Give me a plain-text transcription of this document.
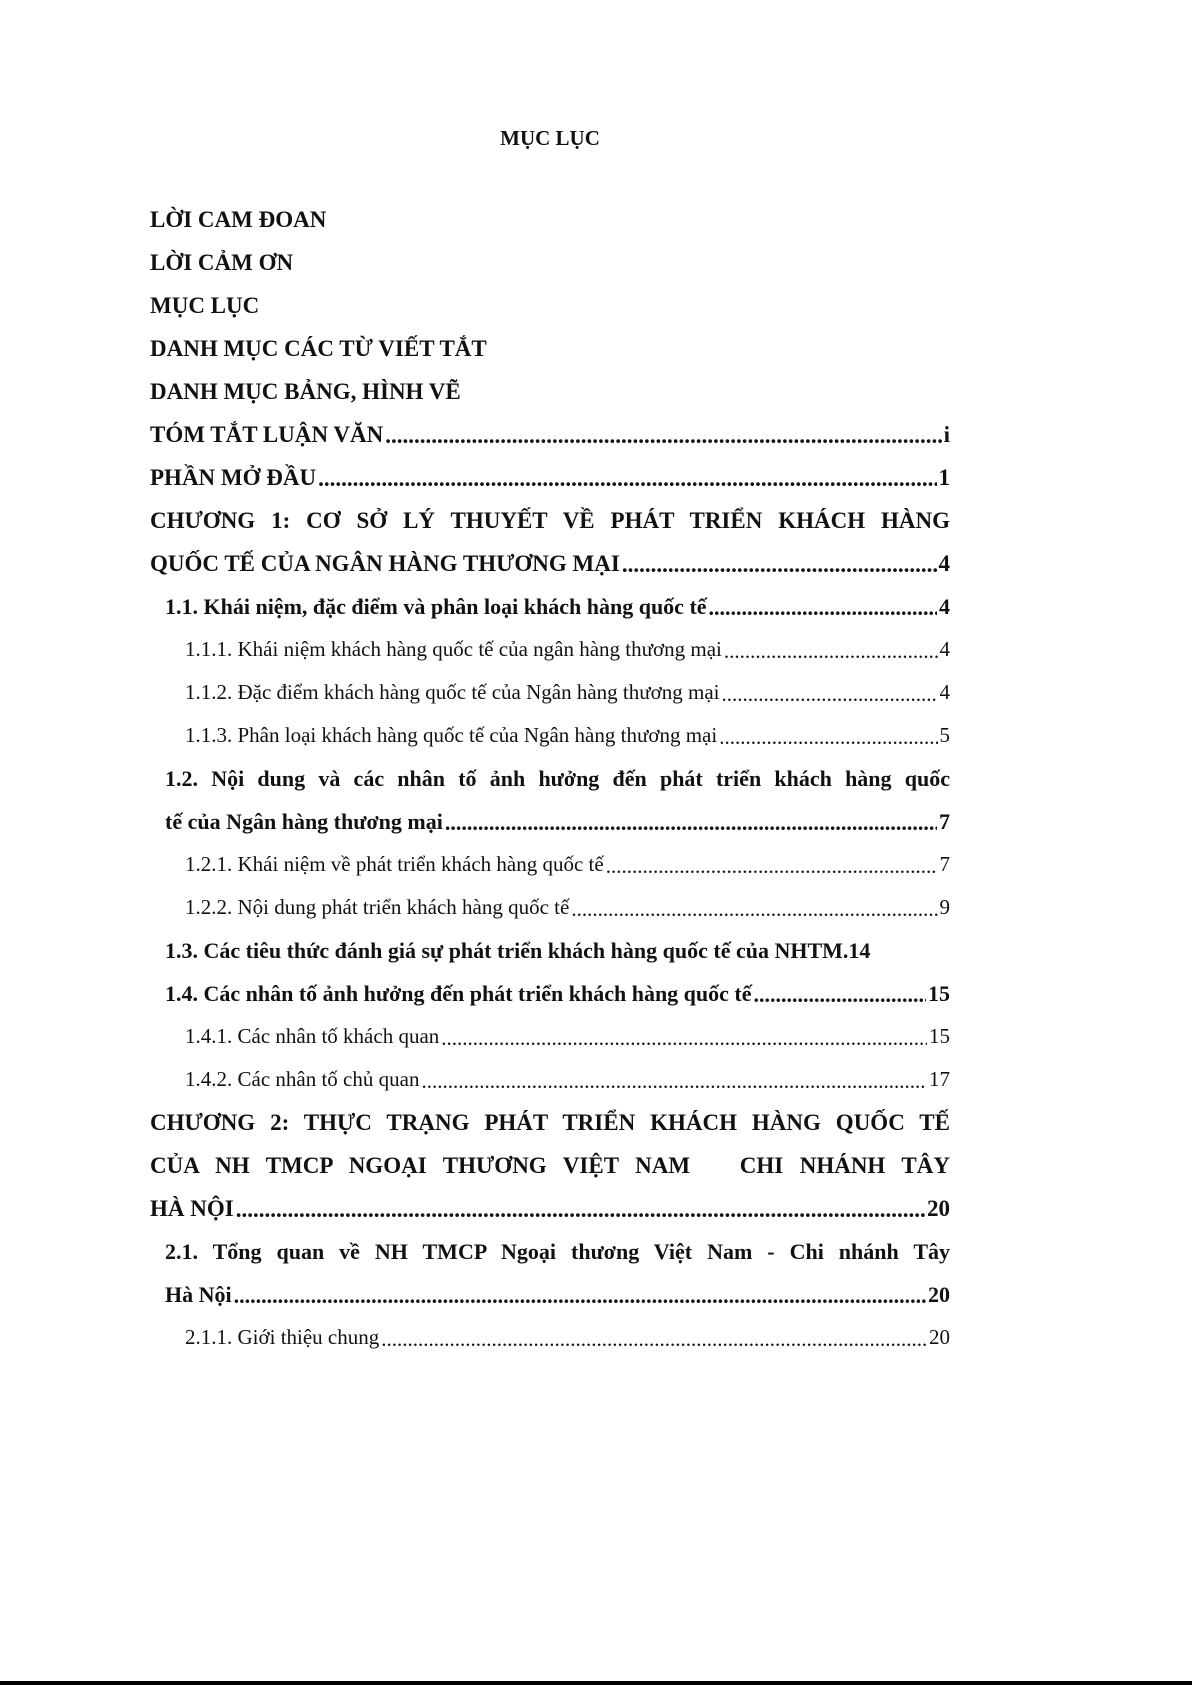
MỤC LỤC
LỜI CAM ĐOAN
LỜI CẢM ƠN
MỤC LỤC
DANH MỤC CÁC TỪ VIẾT TẮT
DANH MỤC BẢNG, HÌNH VẼ
TÓM TẮT LUẬN VĂN .....	i
PHẦN MỞ ĐẦU .....	1
CHƯƠNG 1: CƠ SỞ LÝ THUYẾT VỀ PHÁT TRIỂN KHÁCH HÀNG
QUỐC TẾ CỦA NGÂN HÀNG THƯƠNG MẠI .....	4
1.1. Khái niệm, đặc điểm và phân loại khách hàng quốc tế .....	4
1.1.1. Khái niệm khách hàng quốc tế của ngân hàng thương mại .....	4
1.1.2. Đặc điểm khách hàng quốc tế của Ngân hàng thương mại .....	4
1.1.3. Phân loại khách hàng quốc tế của Ngân hàng thương mại .....	5
1.2. Nội dung và các nhân tố ảnh hưởng đến phát triển khách hàng quốc
tế của Ngân hàng thương mại .....	7
1.2.1. Khái niệm về phát triển khách hàng quốc tế .....	7
1.2.2. Nội dung phát triển khách hàng quốc tế .....	9
1.3. Các tiêu thức đánh giá sự phát triển khách hàng quốc tế của NHTM. 14
1.4. Các nhân tố ảnh hưởng đến phát triển khách hàng quốc tế .....	15
1.4.1. Các nhân tố khách quan .....	15
1.4.2. Các nhân tố chủ quan .....	17
CHƯƠNG 2: THỰC TRẠNG PHÁT TRIỂN KHÁCH HÀNG QUỐC TẾ
CỦA NH TMCP NGOẠI THƯƠNG VIỆT NAM   CHI NHÁNH TÂY
HÀ NỘI .....	20
2.1. Tổng quan về NH TMCP Ngoại thương Việt Nam - Chi nhánh Tây
Hà Nội .....	20
2.1.1. Giới thiệu chung .....	20
